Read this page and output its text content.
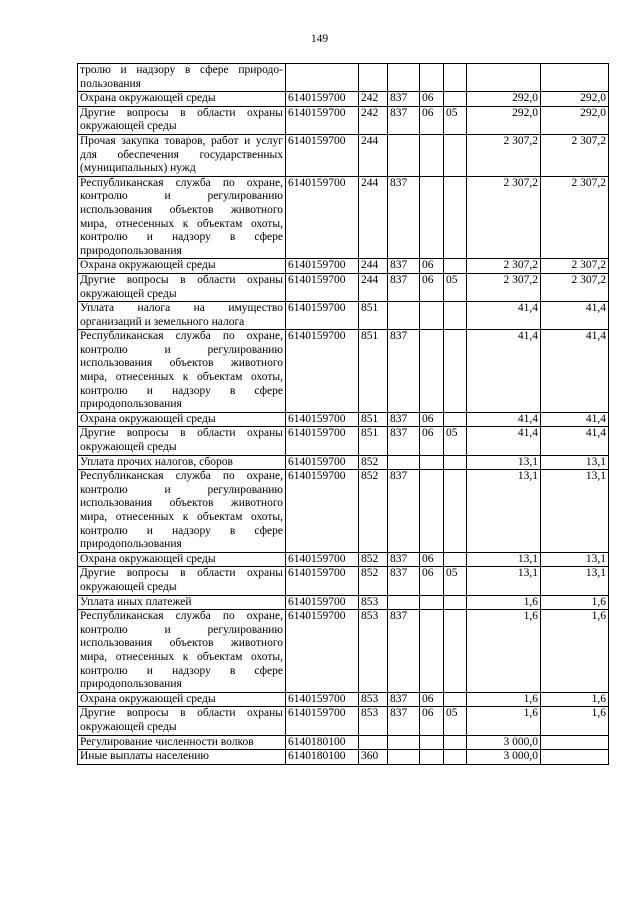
149
тролю и надзору в сфере природо-пользования							

Охрана окружающей среды	6140159700	242	837	06		292,0	292,0

Другие вопросы в области охраны окружающей среды	6140159700	242	837	06	05	292,0	292,0

Прочая закупка товаров, работ и услуг для обеспечения государственных (муниципальных) нужд	6140159700	244				2 307,2	2 307,2

Республиканская служба по охране, контролю и регулированию использования объектов животного мира, отнесенных к объектам охоты, контролю и надзору в сфере природопользования	6140159700	244	837			2 307,2	2 307,2

Охрана окружающей среды	6140159700	244	837	06		2 307,2	2 307,2

Другие вопросы в области охраны окружающей среды	6140159700	244	837	06	05	2 307,2	2 307,2

Уплата налога на имущество организаций и земельного налога	6140159700	851				41,4	41,4

Республиканская служба по охране, контролю и регулированию использования объектов животного мира, отнесенных к объектам охоты, контролю и надзору в сфере природопользования	6140159700	851	837			41,4	41,4

Охрана окружающей среды	6140159700	851	837	06		41,4	41,4

Другие вопросы в области охраны окружающей среды	6140159700	851	837	06	05	41,4	41,4

Уплата прочих налогов, сборов	6140159700	852				13,1	13,1

Республиканская служба по охране, контролю и регулированию использования объектов животного мира, отнесенных к объектам охоты, контролю и надзору в сфере природопользования	6140159700	852	837			13,1	13,1

Охрана окружающей среды	6140159700	852	837	06		13,1	13,1

Другие вопросы в области охраны окружающей среды	6140159700	852	837	06	05	13,1	13,1

Уплата иных платежей	6140159700	853				1,6	1,6

Республиканская служба по охране, контролю и регулированию использования объектов животного мира, отнесенных к объектам охоты, контролю и надзору в сфере природопользования	6140159700	853	837			1,6	1,6

Охрана окружающей среды	6140159700	853	837	06		1,6	1,6

Другие вопросы в области охраны окружающей среды	6140159700	853	837	06	05	1,6	1,6

Регулирование численности волков	6140180100					3 000,0	

Иные выплаты населению	6140180100	360				3 000,0	
